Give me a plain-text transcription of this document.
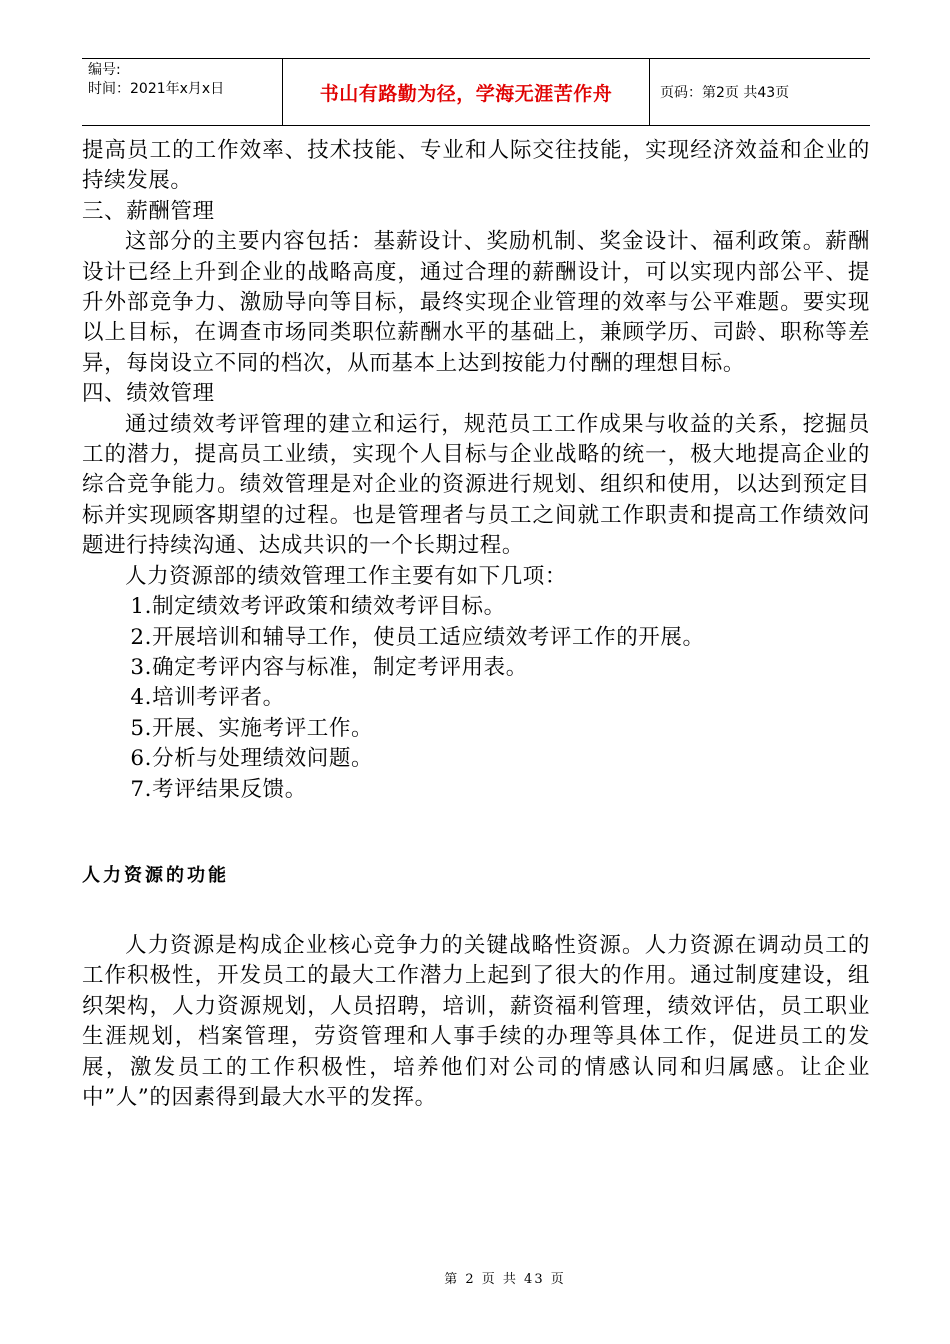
编号:
时间：2021年x月x日	书山有路勤为径，学海无涯苦作舟	页码：第2页 共43页

提高员工的工作效率、技术技能、专业和人际交往技能，实现经济效益和企业的持续发展。

三、薪酬管理

这部分的主要内容包括：基薪设计、奖励机制、奖金设计、福利政策。薪酬设计已经上升到企业的战略高度，通过合理的薪酬设计，可以实现内部公平、提升外部竞争力、激励导向等目标，最终实现企业管理的效率与公平难题。要实现以上目标，在调查市场同类职位薪酬水平的基础上，兼顾学历、司龄、职称等差异，每岗设立不同的档次，从而基本上达到按能力付酬的理想目标。

四、绩效管理

通过绩效考评管理的建立和运行，规范员工工作成果与收益的关系，挖掘员工的潜力，提高员工业绩，实现个人目标与企业战略的统一，极大地提高企业的综合竞争能力。绩效管理是对企业的资源进行规划、组织和使用，以达到预定目标并实现顾客期望的过程。也是管理者与员工之间就工作职责和提高工作绩效问题进行持续沟通、达成共识的一个长期过程。

人力资源部的绩效管理工作主要有如下几项：

1.制定绩效考评政策和绩效考评目标。

2.开展培训和辅导工作，使员工适应绩效考评工作的开展。

3.确定考评内容与标准，制定考评用表。

4.培训考评者。

5.开展、实施考评工作。

6.分析与处理绩效问题。

7.考评结果反馈。

人力资源的功能

人力资源是构成企业核心竞争力的关键战略性资源。人力资源在调动员工的工作积极性，开发员工的最大工作潜力上起到了很大的作用。通过制度建设，组织架构，人力资源规划，人员招聘，培训，薪资福利管理，绩效评估，员工职业生涯规划，档案管理，劳资管理和人事手续的办理等具体工作，促进员工的发展，激发员工的工作积极性，培养他们对公司的情感认同和归属感。让企业中”人”的因素得到最大水平的发挥。

第 2 页 共 43 页
